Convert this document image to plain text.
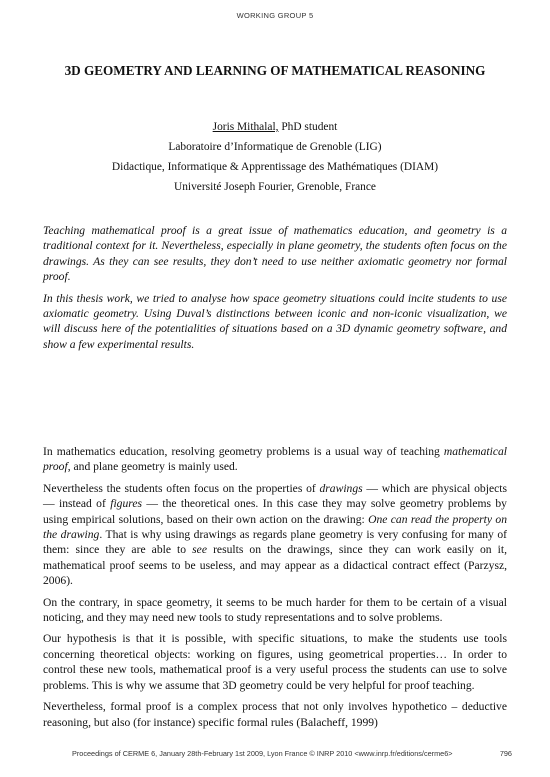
WORKING GROUP 5
3D GEOMETRY AND LEARNING OF MATHEMATICAL REASONING
Joris Mithalal, PhD student
Laboratoire d’Informatique de Grenoble (LIG)
Didactique, Informatique & Apprentissage des Mathématiques (DIAM)
Université Joseph Fourier, Grenoble, France

Teaching mathematical proof is a great issue of mathematics education, and geometry is a traditional context for it. Nevertheless, especially in plane geometry, the students often focus on the drawings. As they can see results, they don’t need to use neither axiomatic geometry nor formal proof.

In this thesis work, we tried to analyse how space geometry situations could incite students to use axiomatic geometry. Using Duval’s distinctions between iconic and non-iconic visualization, we will discuss here of the potentialities of situations based on a 3D dynamic geometry software, and show a few experimental results.

In mathematics education, resolving geometry problems is a usual way of teaching mathematical proof, and plane geometry is mainly used.

Nevertheless the students often focus on the properties of drawings — which are physical objects — instead of figures — the theoretical ones. In this case they may solve geometry problems by using empirical solutions, based on their own action on the drawing: One can read the property on the drawing. That is why using drawings as regards plane geometry is very confusing for many of them: since they are able to see results on the drawings, since they can work easily on it, mathematical proof seems to be useless, and may appear as a didactical contract effect (Parzysz, 2006).

On the contrary, in space geometry, it seems to be much harder for them to be certain of a visual noticing, and they may need new tools to study representations and to solve problems.

Our hypothesis is that it is possible, with specific situations, to make the students use tools concerning theoretical objects: working on figures, using geometrical properties… In order to control these new tools, mathematical proof is a very useful process the students can use to solve problems. This is why we assume that 3D geometry could be very helpful for proof teaching.

Nevertheless, formal proof is a complex process that not only involves hypothetico – deductive reasoning, but also (for instance) specific formal rules (Balacheff, 1999)

Proceedings of CERME 6, January 28th-February 1st 2009, Lyon France © INRP 2010 <www.inrp.fr/editions/cerme6>	796
